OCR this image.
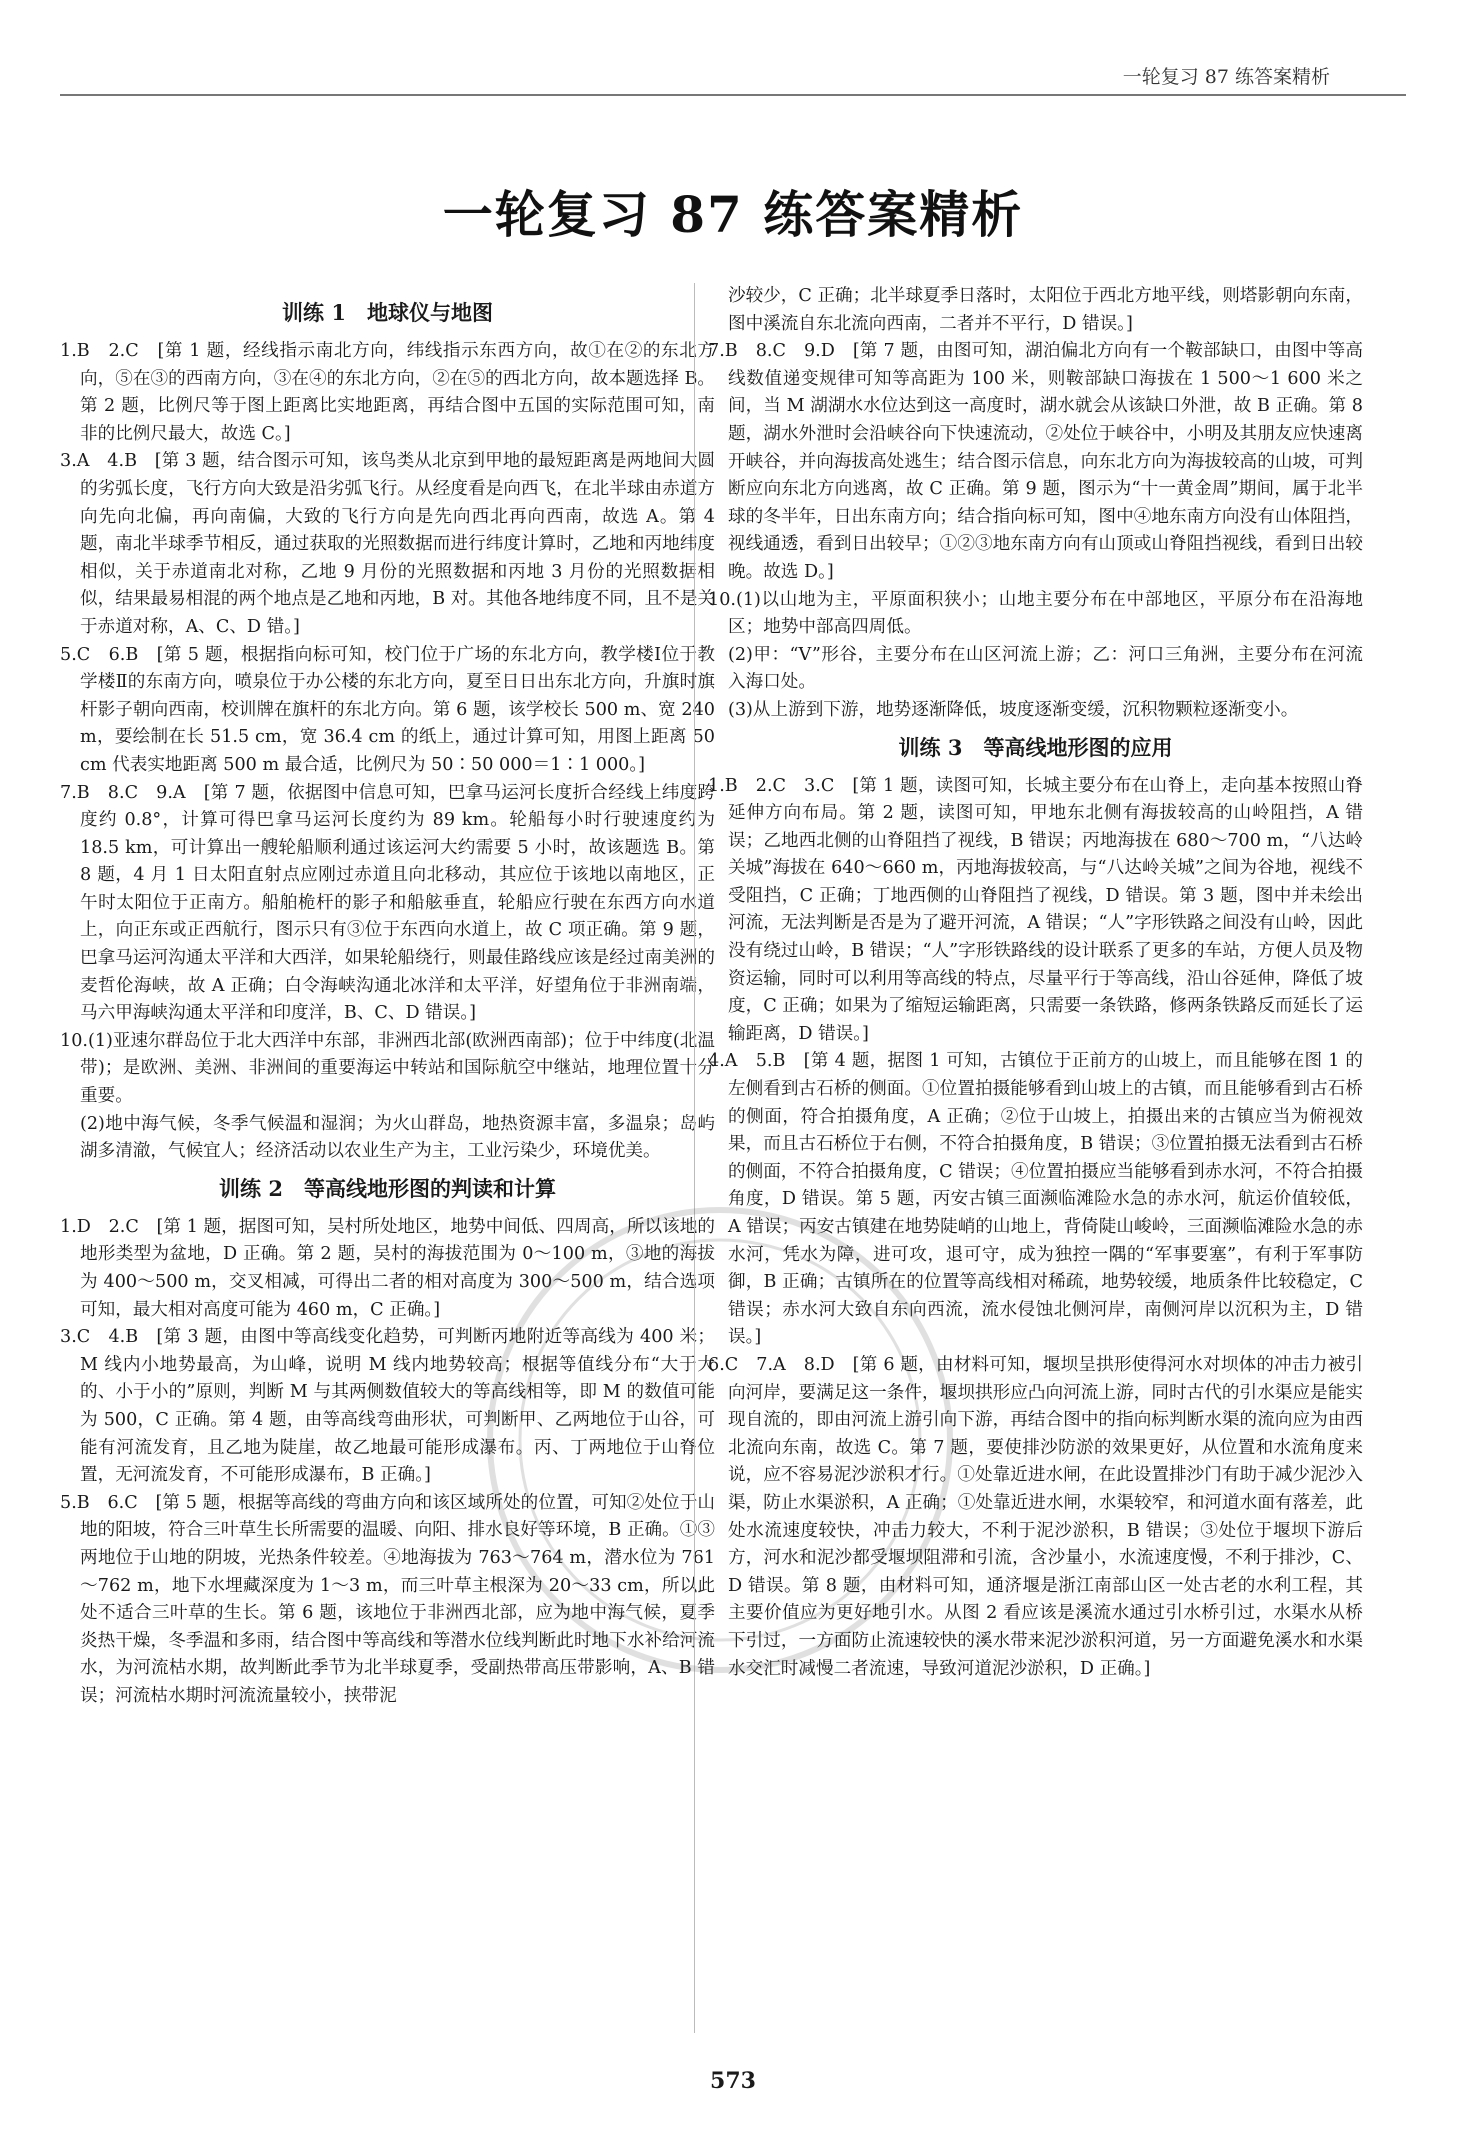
一轮复习 87 练答案精析
一轮复习 87 练答案精析
训练 1　地球仪与地图

1.B　2.C　[第 1 题，经线指示南北方向，纬线指示东西方向，故①在②的东北方向，⑤在③的西南方向，③在④的东北方向，②在⑤的西北方向，故本题选择 B。第 2 题，比例尺等于图上距离比实地距离，再结合图中五国的实际范围可知，南非的比例尺最大，故选 C。]

3.A　4.B　[第 3 题，结合图示可知，该鸟类从北京到甲地的最短距离是两地间大圆的劣弧长度，飞行方向大致是沿劣弧飞行。从经度看是向西飞，在北半球由赤道方向先向北偏，再向南偏，大致的飞行方向是先向西北再向西南，故选 A。第 4 题，南北半球季节相反，通过获取的光照数据而进行纬度计算时，乙地和丙地纬度相似，关于赤道南北对称，乙地 9 月份的光照数据和丙地 3 月份的光照数据相似，结果最易相混的两个地点是乙地和丙地，B 对。其他各地纬度不同，且不是关于赤道对称，A、C、D 错。]

5.C　6.B　[第 5 题，根据指向标可知，校门位于广场的东北方向，教学楼Ⅰ位于教学楼Ⅱ的东南方向，喷泉位于办公楼的东北方向，夏至日日出东北方向，升旗时旗杆影子朝向西南，校训牌在旗杆的东北方向。第 6 题，该学校长 500 m、宽 240 m，要绘制在长 51.5 cm，宽 36.4 cm 的纸上，通过计算可知，用图上距离 50 cm 代表实地距离 500 m 最合适，比例尺为 50∶50 000＝1∶1 000。]

7.B　8.C　9.A　[第 7 题，依据图中信息可知，巴拿马运河长度折合经线上纬度跨度约 0.8°，计算可得巴拿马运河长度约为 89 km。轮船每小时行驶速度约为 18.5 km，可计算出一艘轮船顺利通过该运河大约需要 5 小时，故该题选 B。第 8 题，4 月 1 日太阳直射点应刚过赤道且向北移动，其应位于该地以南地区，正午时太阳位于正南方。船舶桅杆的影子和船舷垂直，轮船应行驶在东西方向水道上，向正东或正西航行，图示只有③位于东西向水道上，故 C 项正确。第 9 题，巴拿马运河沟通太平洋和大西洋，如果轮船绕行，则最佳路线应该是经过南美洲的麦哲伦海峡，故 A 正确；白令海峡沟通北冰洋和太平洋，好望角位于非洲南端，马六甲海峡沟通太平洋和印度洋，B、C、D 错误。]

10.(1)亚速尔群岛位于北大西洋中东部，非洲西北部(欧洲西南部)；位于中纬度(北温带)；是欧洲、美洲、非洲间的重要海运中转站和国际航空中继站，地理位置十分重要。

(2)地中海气候，冬季气候温和湿润；为火山群岛，地热资源丰富，多温泉；岛屿湖多清澈，气候宜人；经济活动以农业生产为主，工业污染少，环境优美。

训练 2　等高线地形图的判读和计算

1.D　2.C　[第 1 题，据图可知，吴村所处地区，地势中间低、四周高，所以该地的地形类型为盆地，D 正确。第 2 题，吴村的海拔范围为 0～100 m，③地的海拔为 400～500 m，交叉相减，可得出二者的相对高度为 300～500 m，结合选项可知，最大相对高度可能为 460 m，C 正确。]

3.C　4.B　[第 3 题，由图中等高线变化趋势，可判断丙地附近等高线为 400 米；M 线内小地势最高，为山峰，说明 M 线内地势较高；根据等值线分布“大于大的、小于小的”原则，判断 M 与其两侧数值较大的等高线相等，即 M 的数值可能为 500，C 正确。第 4 题，由等高线弯曲形状，可判断甲、乙两地位于山谷，可能有河流发育，且乙地为陡崖，故乙地最可能形成瀑布。丙、丁两地位于山脊位置，无河流发育，不可能形成瀑布，B 正确。]

5.B　6.C　[第 5 题，根据等高线的弯曲方向和该区域所处的位置，可知②处位于山地的阳坡，符合三叶草生长所需要的温暖、向阳、排水良好等环境，B 正确。①③两地位于山地的阴坡，光热条件较差。④地海拔为 763～764 m，潜水位为 761～762 m，地下水埋藏深度为 1～3 m，而三叶草主根深为 20～33 cm，所以此处不适合三叶草的生长。第 6 题，该地位于非洲西北部，应为地中海气候，夏季炎热干燥，冬季温和多雨，结合图中等高线和等潜水位线判断此时地下水补给河流水，为河流枯水期，故判断此季节为北半球夏季，受副热带高压带影响，A、B 错误；河流枯水期时河流流量较小，挟带泥

沙较少，C 正确；北半球夏季日落时，太阳位于西北方地平线，则塔影朝向东南，图中溪流自东北流向西南，二者并不平行，D 错误。]

7.B　8.C　9.D　[第 7 题，由图可知，湖泊偏北方向有一个鞍部缺口，由图中等高线数值递变规律可知等高距为 100 米，则鞍部缺口海拔在 1 500～1 600 米之间，当 M 湖湖水水位达到这一高度时，湖水就会从该缺口外泄，故 B 正确。第 8 题，湖水外泄时会沿峡谷向下快速流动，②处位于峡谷中，小明及其朋友应快速离开峡谷，并向海拔高处逃生；结合图示信息，向东北方向为海拔较高的山坡，可判断应向东北方向逃离，故 C 正确。第 9 题，图示为“十一黄金周”期间，属于北半球的冬半年，日出东南方向；结合指向标可知，图中④地东南方向没有山体阻挡，视线通透，看到日出较早；①②③地东南方向有山顶或山脊阻挡视线，看到日出较晚。故选 D。]

10.(1)以山地为主，平原面积狭小；山地主要分布在中部地区，平原分布在沿海地区；地势中部高四周低。

(2)甲：“V”形谷，主要分布在山区河流上游；乙：河口三角洲，主要分布在河流入海口处。

(3)从上游到下游，地势逐渐降低，坡度逐渐变缓，沉积物颗粒逐渐变小。

训练 3　等高线地形图的应用

1.B　2.C　3.C　[第 1 题，读图可知，长城主要分布在山脊上，走向基本按照山脊延伸方向布局。第 2 题，读图可知，甲地东北侧有海拔较高的山岭阻挡，A 错误；乙地西北侧的山脊阻挡了视线，B 错误；丙地海拔在 680～700 m，“八达岭关城”海拔在 640～660 m，丙地海拔较高，与“八达岭关城”之间为谷地，视线不受阻挡，C 正确；丁地西侧的山脊阻挡了视线，D 错误。第 3 题，图中并未绘出河流，无法判断是否是为了避开河流，A 错误；“人”字形铁路之间没有山岭，因此没有绕过山岭，B 错误；“人”字形铁路线的设计联系了更多的车站，方便人员及物资运输，同时可以利用等高线的特点，尽量平行于等高线，沿山谷延伸，降低了坡度，C 正确；如果为了缩短运输距离，只需要一条铁路，修两条铁路反而延长了运输距离，D 错误。]

4.A　5.B　[第 4 题，据图 1 可知，古镇位于正前方的山坡上，而且能够在图 1 的左侧看到古石桥的侧面。①位置拍摄能够看到山坡上的古镇，而且能够看到古石桥的侧面，符合拍摄角度，A 正确；②位于山坡上，拍摄出来的古镇应当为俯视效果，而且古石桥位于右侧，不符合拍摄角度，B 错误；③位置拍摄无法看到古石桥的侧面，不符合拍摄角度，C 错误；④位置拍摄应当能够看到赤水河，不符合拍摄角度，D 错误。第 5 题，丙安古镇三面濒临滩险水急的赤水河，航运价值较低，A 错误；丙安古镇建在地势陡峭的山地上，背倚陡山峻岭，三面濒临滩险水急的赤水河，凭水为障，进可攻，退可守，成为独控一隅的“军事要塞”，有利于军事防御，B 正确；古镇所在的位置等高线相对稀疏，地势较缓，地质条件比较稳定，C 错误；赤水河大致自东向西流，流水侵蚀北侧河岸，南侧河岸以沉积为主，D 错误。]

6.C　7.A　8.D　[第 6 题，由材料可知，堰坝呈拱形使得河水对坝体的冲击力被引向河岸，要满足这一条件，堰坝拱形应凸向河流上游，同时古代的引水渠应是能实现自流的，即由河流上游引向下游，再结合图中的指向标判断水渠的流向应为由西北流向东南，故选 C。第 7 题，要使排沙防淤的效果更好，从位置和水流角度来说，应不容易泥沙淤积才行。①处靠近进水闸，在此设置排沙门有助于减少泥沙入渠，防止水渠淤积，A 正确；①处靠近进水闸，水渠较窄，和河道水面有落差，此处水流速度较快，冲击力较大，不利于泥沙淤积，B 错误；③处位于堰坝下游后方，河水和泥沙都受堰坝阻滞和引流，含沙量小，水流速度慢，不利于排沙，C、D 错误。第 8 题，由材料可知，通济堰是浙江南部山区一处古老的水利工程，其主要价值应为更好地引水。从图 2 看应该是溪流水通过引水桥引过，水渠水从桥下引过，一方面防止流速较快的溪水带来泥沙淤积河道，另一方面避免溪水和水渠水交汇时减慢二者流速，导致河道泥沙淤积，D 正确。]

573
